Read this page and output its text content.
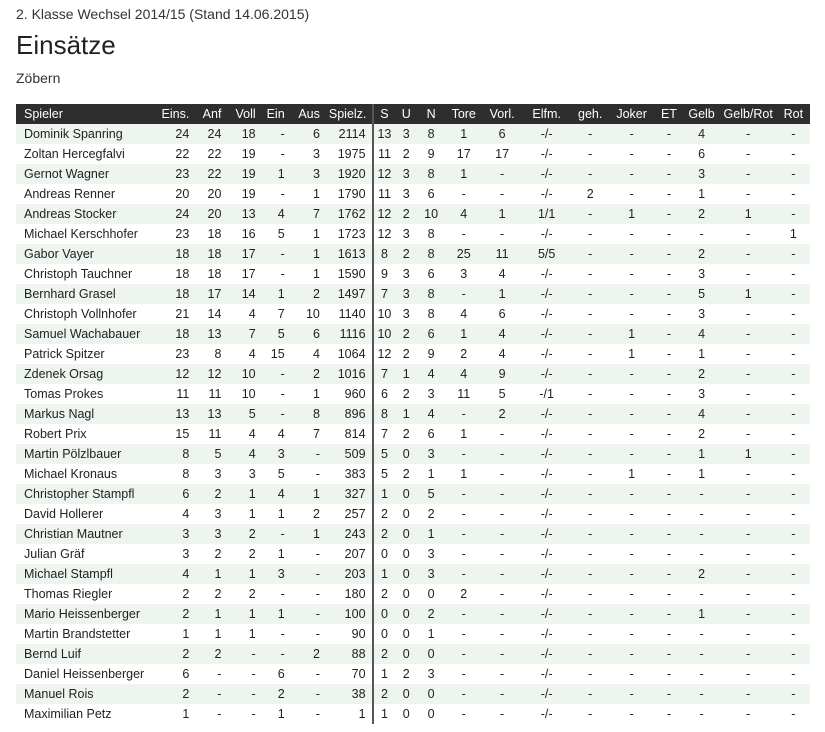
2. Klasse Wechsel 2014/15 (Stand 14.06.2015)
Einsätze
Zöbern
Spieler	Eins.	Anf	Voll	Ein	Aus	Spielz.	S	U	N	Tore	Vorl.	Elfm.	geh.	Joker	ET	Gelb	Gelb/Rot	Rot
Dominik Spanring	24	24	18	-	6	2114	13	3	8	1	6	-/-	-	-	-	4	-	-
Zoltan Hercegfalvi	22	22	19	-	3	1975	11	2	9	17	17	-/-	-	-	-	6	-	-
Gernot Wagner	23	22	19	1	3	1920	12	3	8	1	-	-/-	-	-	-	3	-	-
Andreas Renner	20	20	19	-	1	1790	11	3	6	-	-	-/-	2	-	-	1	-	-
Andreas Stocker	24	20	13	4	7	1762	12	2	10	4	1	1/1	-	1	-	2	1	-
Michael Kerschhofer	23	18	16	5	1	1723	12	3	8	-	-	-/-	-	-	-	-	-	1
Gabor Vayer	18	18	17	-	1	1613	8	2	8	25	11	5/5	-	-	-	2	-	-
Christoph Tauchner	18	18	17	-	1	1590	9	3	6	3	4	-/-	-	-	-	3	-	-
Bernhard Grasel	18	17	14	1	2	1497	7	3	8	-	1	-/-	-	-	-	5	1	-
Christoph Vollnhofer	21	14	4	7	10	1140	10	3	8	4	6	-/-	-	-	-	3	-	-
Samuel Wachabauer	18	13	7	5	6	1116	10	2	6	1	4	-/-	-	1	-	4	-	-
Patrick Spitzer	23	8	4	15	4	1064	12	2	9	2	4	-/-	-	1	-	1	-	-
Zdenek Orsag	12	12	10	-	2	1016	7	1	4	4	9	-/-	-	-	-	2	-	-
Tomas Prokes	11	11	10	-	1	960	6	2	3	11	5	-/1	-	-	-	3	-	-
Markus Nagl	13	13	5	-	8	896	8	1	4	-	2	-/-	-	-	-	4	-	-
Robert Prix	15	11	4	4	7	814	7	2	6	1	-	-/-	-	-	-	2	-	-
Martin Pölzlbauer	8	5	4	3	-	509	5	0	3	-	-	-/-	-	-	-	1	1	-
Michael Kronaus	8	3	3	5	-	383	5	2	1	1	-	-/-	-	1	-	1	-	-
Christopher Stampfl	6	2	1	4	1	327	1	0	5	-	-	-/-	-	-	-	-	-	-
David Hollerer	4	3	1	1	2	257	2	0	2	-	-	-/-	-	-	-	-	-	-
Christian Mautner	3	3	2	-	1	243	2	0	1	-	-	-/-	-	-	-	-	-	-
Julian Gräf	3	2	2	1	-	207	0	0	3	-	-	-/-	-	-	-	-	-	-
Michael Stampfl	4	1	1	3	-	203	1	0	3	-	-	-/-	-	-	-	2	-	-
Thomas Riegler	2	2	2	-	-	180	2	0	0	2	-	-/-	-	-	-	-	-	-
Mario Heissenberger	2	1	1	1	-	100	0	0	2	-	-	-/-	-	-	-	1	-	-
Martin Brandstetter	1	1	1	-	-	90	0	0	1	-	-	-/-	-	-	-	-	-	-
Bernd Luif	2	2	-	-	2	88	2	0	0	-	-	-/-	-	-	-	-	-	-
Daniel Heissenberger	6	-	-	6	-	70	1	2	3	-	-	-/-	-	-	-	-	-	-
Manuel Rois	2	-	-	2	-	38	2	0	0	-	-	-/-	-	-	-	-	-	-
Maximilian Petz	1	-	-	1	-	1	1	0	0	-	-	-/-	-	-	-	-	-	-
